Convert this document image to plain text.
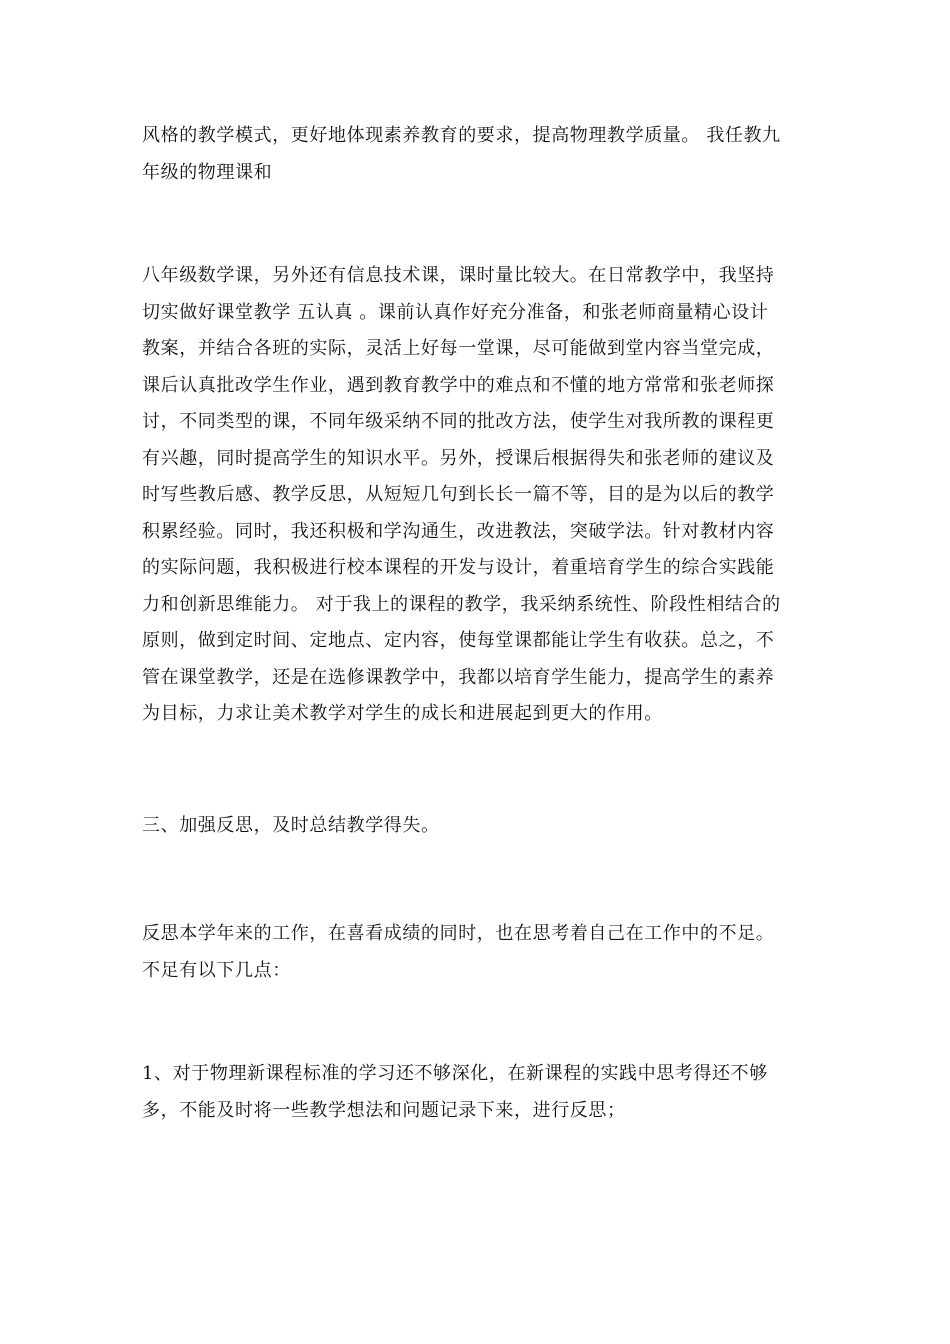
风格的教学模式，更好地体现素养教育的要求，提高物理教学质量。 我任教九
年级的物理课和

八年级数学课，另外还有信息技术课，课时量比较大。在日常教学中，我坚持
切实做好课堂教学 五认真 。课前认真作好充分准备，和张老师商量精心设计
教案，并结合各班的实际，灵活上好每一堂课，尽可能做到堂内容当堂完成，
课后认真批改学生作业，遇到教育教学中的难点和不懂的地方常常和张老师探
讨，不同类型的课，不同年级采纳不同的批改方法，使学生对我所教的课程更
有兴趣，同时提高学生的知识水平。另外，授课后根据得失和张老师的建议及
时写些教后感、教学反思，从短短几句到长长一篇不等，目的是为以后的教学
积累经验。同时，我还积极和学沟通生，改进教法，突破学法。针对教材内容
的实际问题，我积极进行校本课程的开发与设计，着重培育学生的综合实践能
力和创新思维能力。 对于我上的课程的教学，我采纳系统性、阶段性相结合的
原则，做到定时间、定地点、定内容，使每堂课都能让学生有收获。总之，不
管在课堂教学，还是在选修课教学中，我都以培育学生能力，提高学生的素养
为目标，力求让美术教学对学生的成长和进展起到更大的作用。

三、加强反思，及时总结教学得失。

反思本学年来的工作，在喜看成绩的同时，也在思考着自己在工作中的不足。
不足有以下几点：

1、对于物理新课程标准的学习还不够深化，在新课程的实践中思考得还不够
多，不能及时将一些教学想法和问题记录下来，进行反思；
